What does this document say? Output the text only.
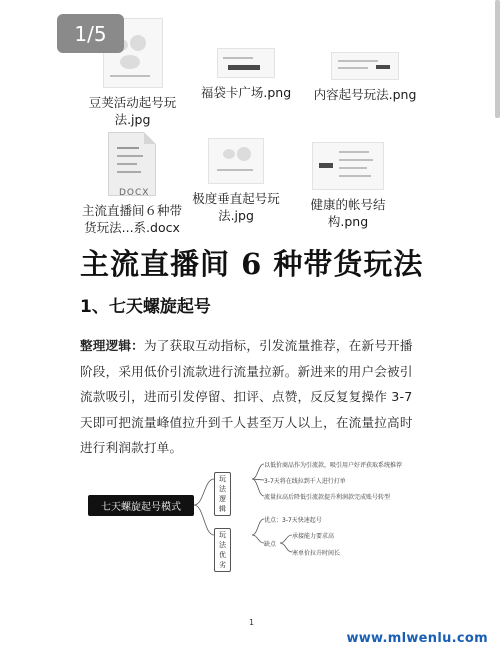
1/5
豆荚活动起号玩法.jpg
福袋卡广场.png	内容起号玩法.png
DOCX
主流直播间６种带货玩法...系.docx
极度垂直起号玩法.jpg
健康的帐号结构.png
主流直播间 6 种带货玩法
1、七天螺旋起号

整理逻辑：为了获取互动指标，引发流量推荐，在新号开播阶段，采用低价引流款进行流量拉新。新进来的用户会被引流款吸引，进而引发停留、扣评、点赞，反反复复操作 3-7 天即可把流量峰值拉升到千人甚至万人以上，在流量拉高时进行利润款打单。

七天螺旋起号模式
玩法逻辑
玩法优劣
以低价商品作为引流款，吸引用户好评获取系统推荐
3-7天将在线拉到千人进行打单
流量拉高后降低引流款提升利润款完成账号转型
优点：3-7天快速起号
缺点
承接能力要求高
寒单价拉升时间长
1
www.mlwenlu.com
